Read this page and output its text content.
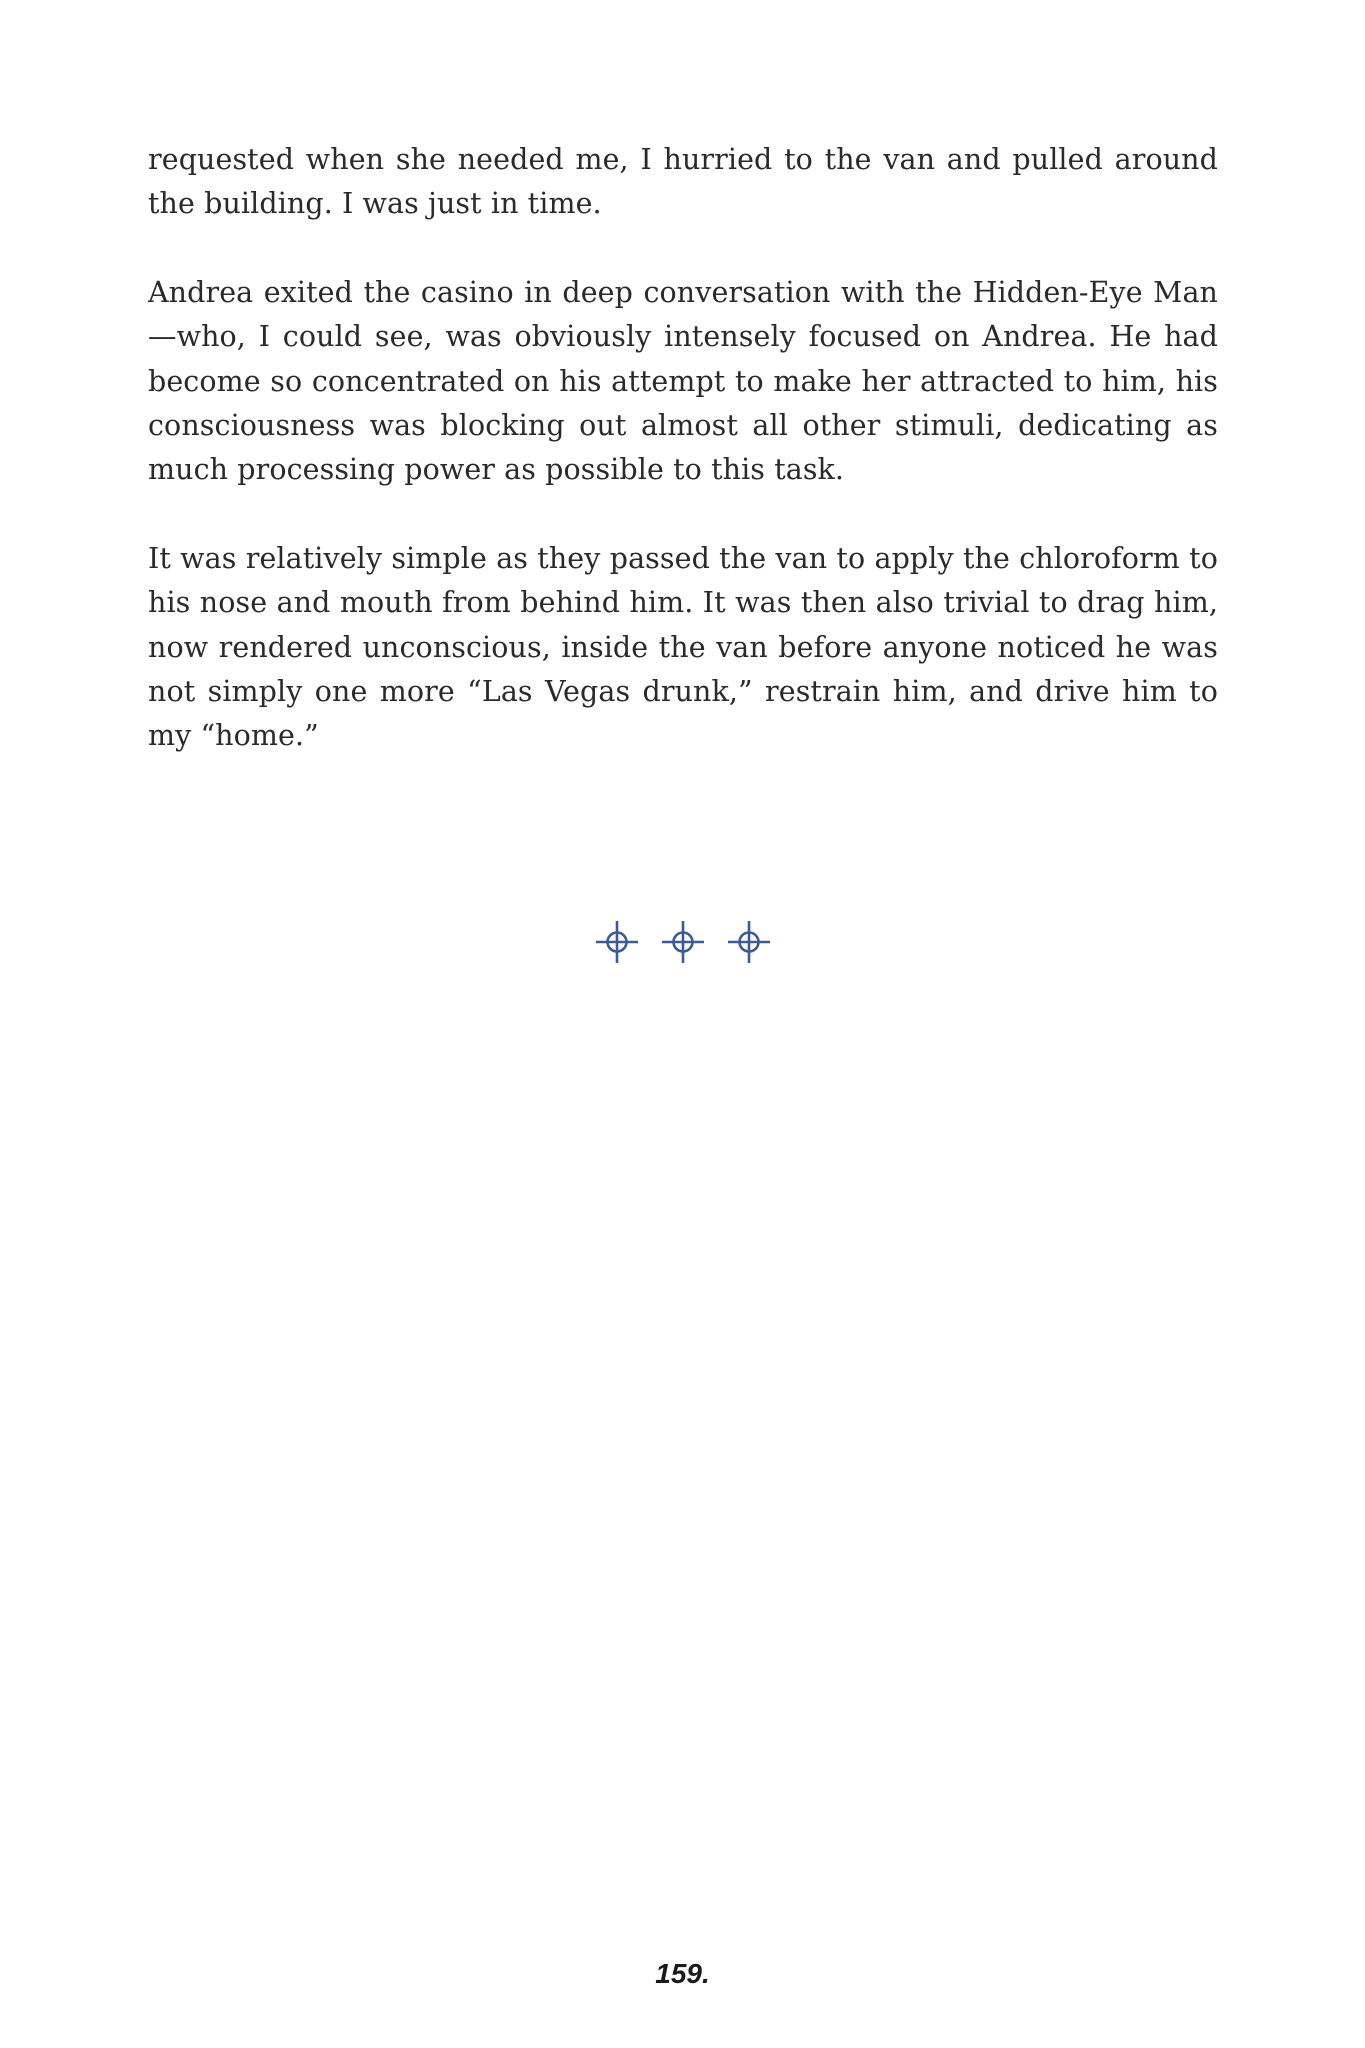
requested when she needed me, I hurried to the van and pulled around the building. I was just in time.

Andrea exited the casino in deep conversation with the Hidden-Eye Man—who, I could see, was obviously intensely focused on Andrea. He had become so concentrated on his attempt to make her attracted to him, his consciousness was blocking out almost all other stimuli, dedicating as much processing power as possible to this task.

It was relatively simple as they passed the van to apply the chloroform to his nose and mouth from behind him. It was then also trivial to drag him, now rendered unconscious, inside the van before anyone noticed he was not simply one more “Las Vegas drunk,” restrain him, and drive him to my “home.”

159.
